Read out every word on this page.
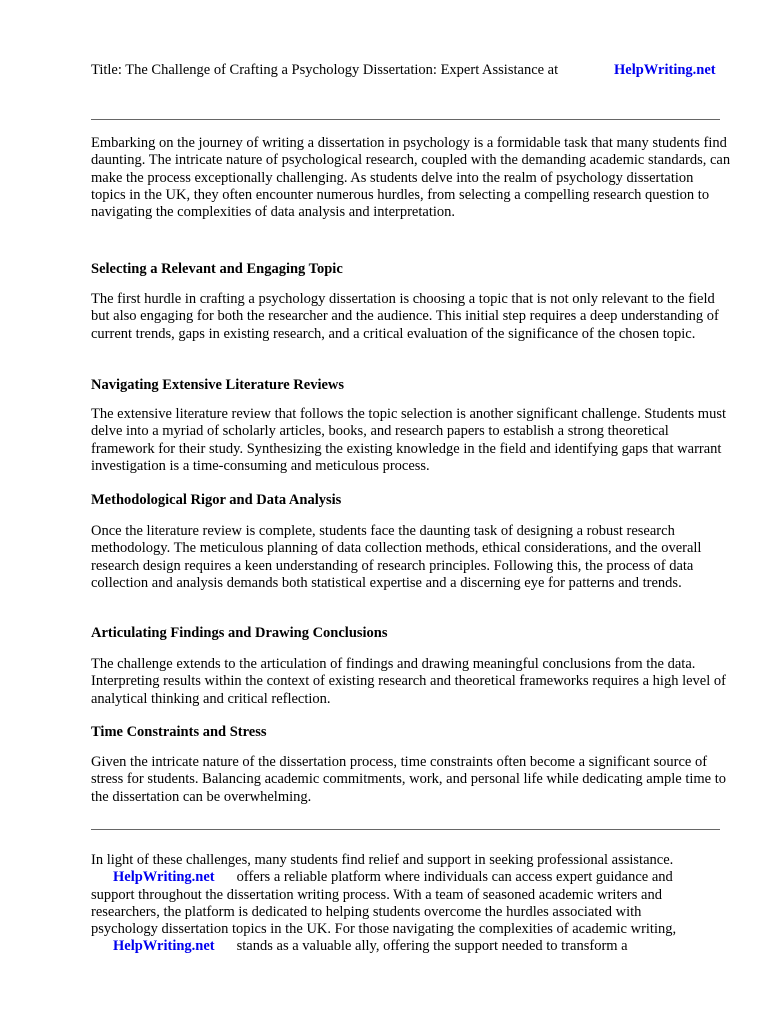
Title: The Challenge of Crafting a Psychology Dissertation: Expert Assistance at	HelpWriting.net

Embarking on the journey of writing a dissertation in psychology is a formidable task that many students find daunting. The intricate nature of psychological research, coupled with the demanding academic standards, can make the process exceptionally challenging. As students delve into the realm of psychology dissertation topics in the UK, they often encounter numerous hurdles, from selecting a compelling research question to navigating the complexities of data analysis and interpretation.

Selecting a Relevant and Engaging Topic

The first hurdle in crafting a psychology dissertation is choosing a topic that is not only relevant to the field but also engaging for both the researcher and the audience. This initial step requires a deep understanding of current trends, gaps in existing research, and a critical evaluation of the significance of the chosen topic.

Navigating Extensive Literature Reviews

The extensive literature review that follows the topic selection is another significant challenge. Students must delve into a myriad of scholarly articles, books, and research papers to establish a strong theoretical framework for their study. Synthesizing the existing knowledge in the field and identifying gaps that warrant investigation is a time-consuming and meticulous process.

Methodological Rigor and Data Analysis

Once the literature review is complete, students face the daunting task of designing a robust research methodology. The meticulous planning of data collection methods, ethical considerations, and the overall research design requires a keen understanding of research principles. Following this, the process of data collection and analysis demands both statistical expertise and a discerning eye for patterns and trends.

Articulating Findings and Drawing Conclusions

The challenge extends to the articulation of findings and drawing meaningful conclusions from the data. Interpreting results within the context of existing research and theoretical frameworks requires a high level of analytical thinking and critical reflection.

Time Constraints and Stress

Given the intricate nature of the dissertation process, time constraints often become a significant source of stress for students. Balancing academic commitments, work, and personal life while dedicating ample time to the dissertation can be overwhelming.

In light of these challenges, many students find relief and support in seeking professional assistance.
HelpWriting.net offers a reliable platform where individuals can access expert guidance and
support throughout the dissertation writing process. With a team of seasoned academic writers and
researchers, the platform is dedicated to helping students overcome the hurdles associated with
psychology dissertation topics in the UK. For those navigating the complexities of academic writing,
HelpWriting.net stands as a valuable ally, offering the support needed to transform a
